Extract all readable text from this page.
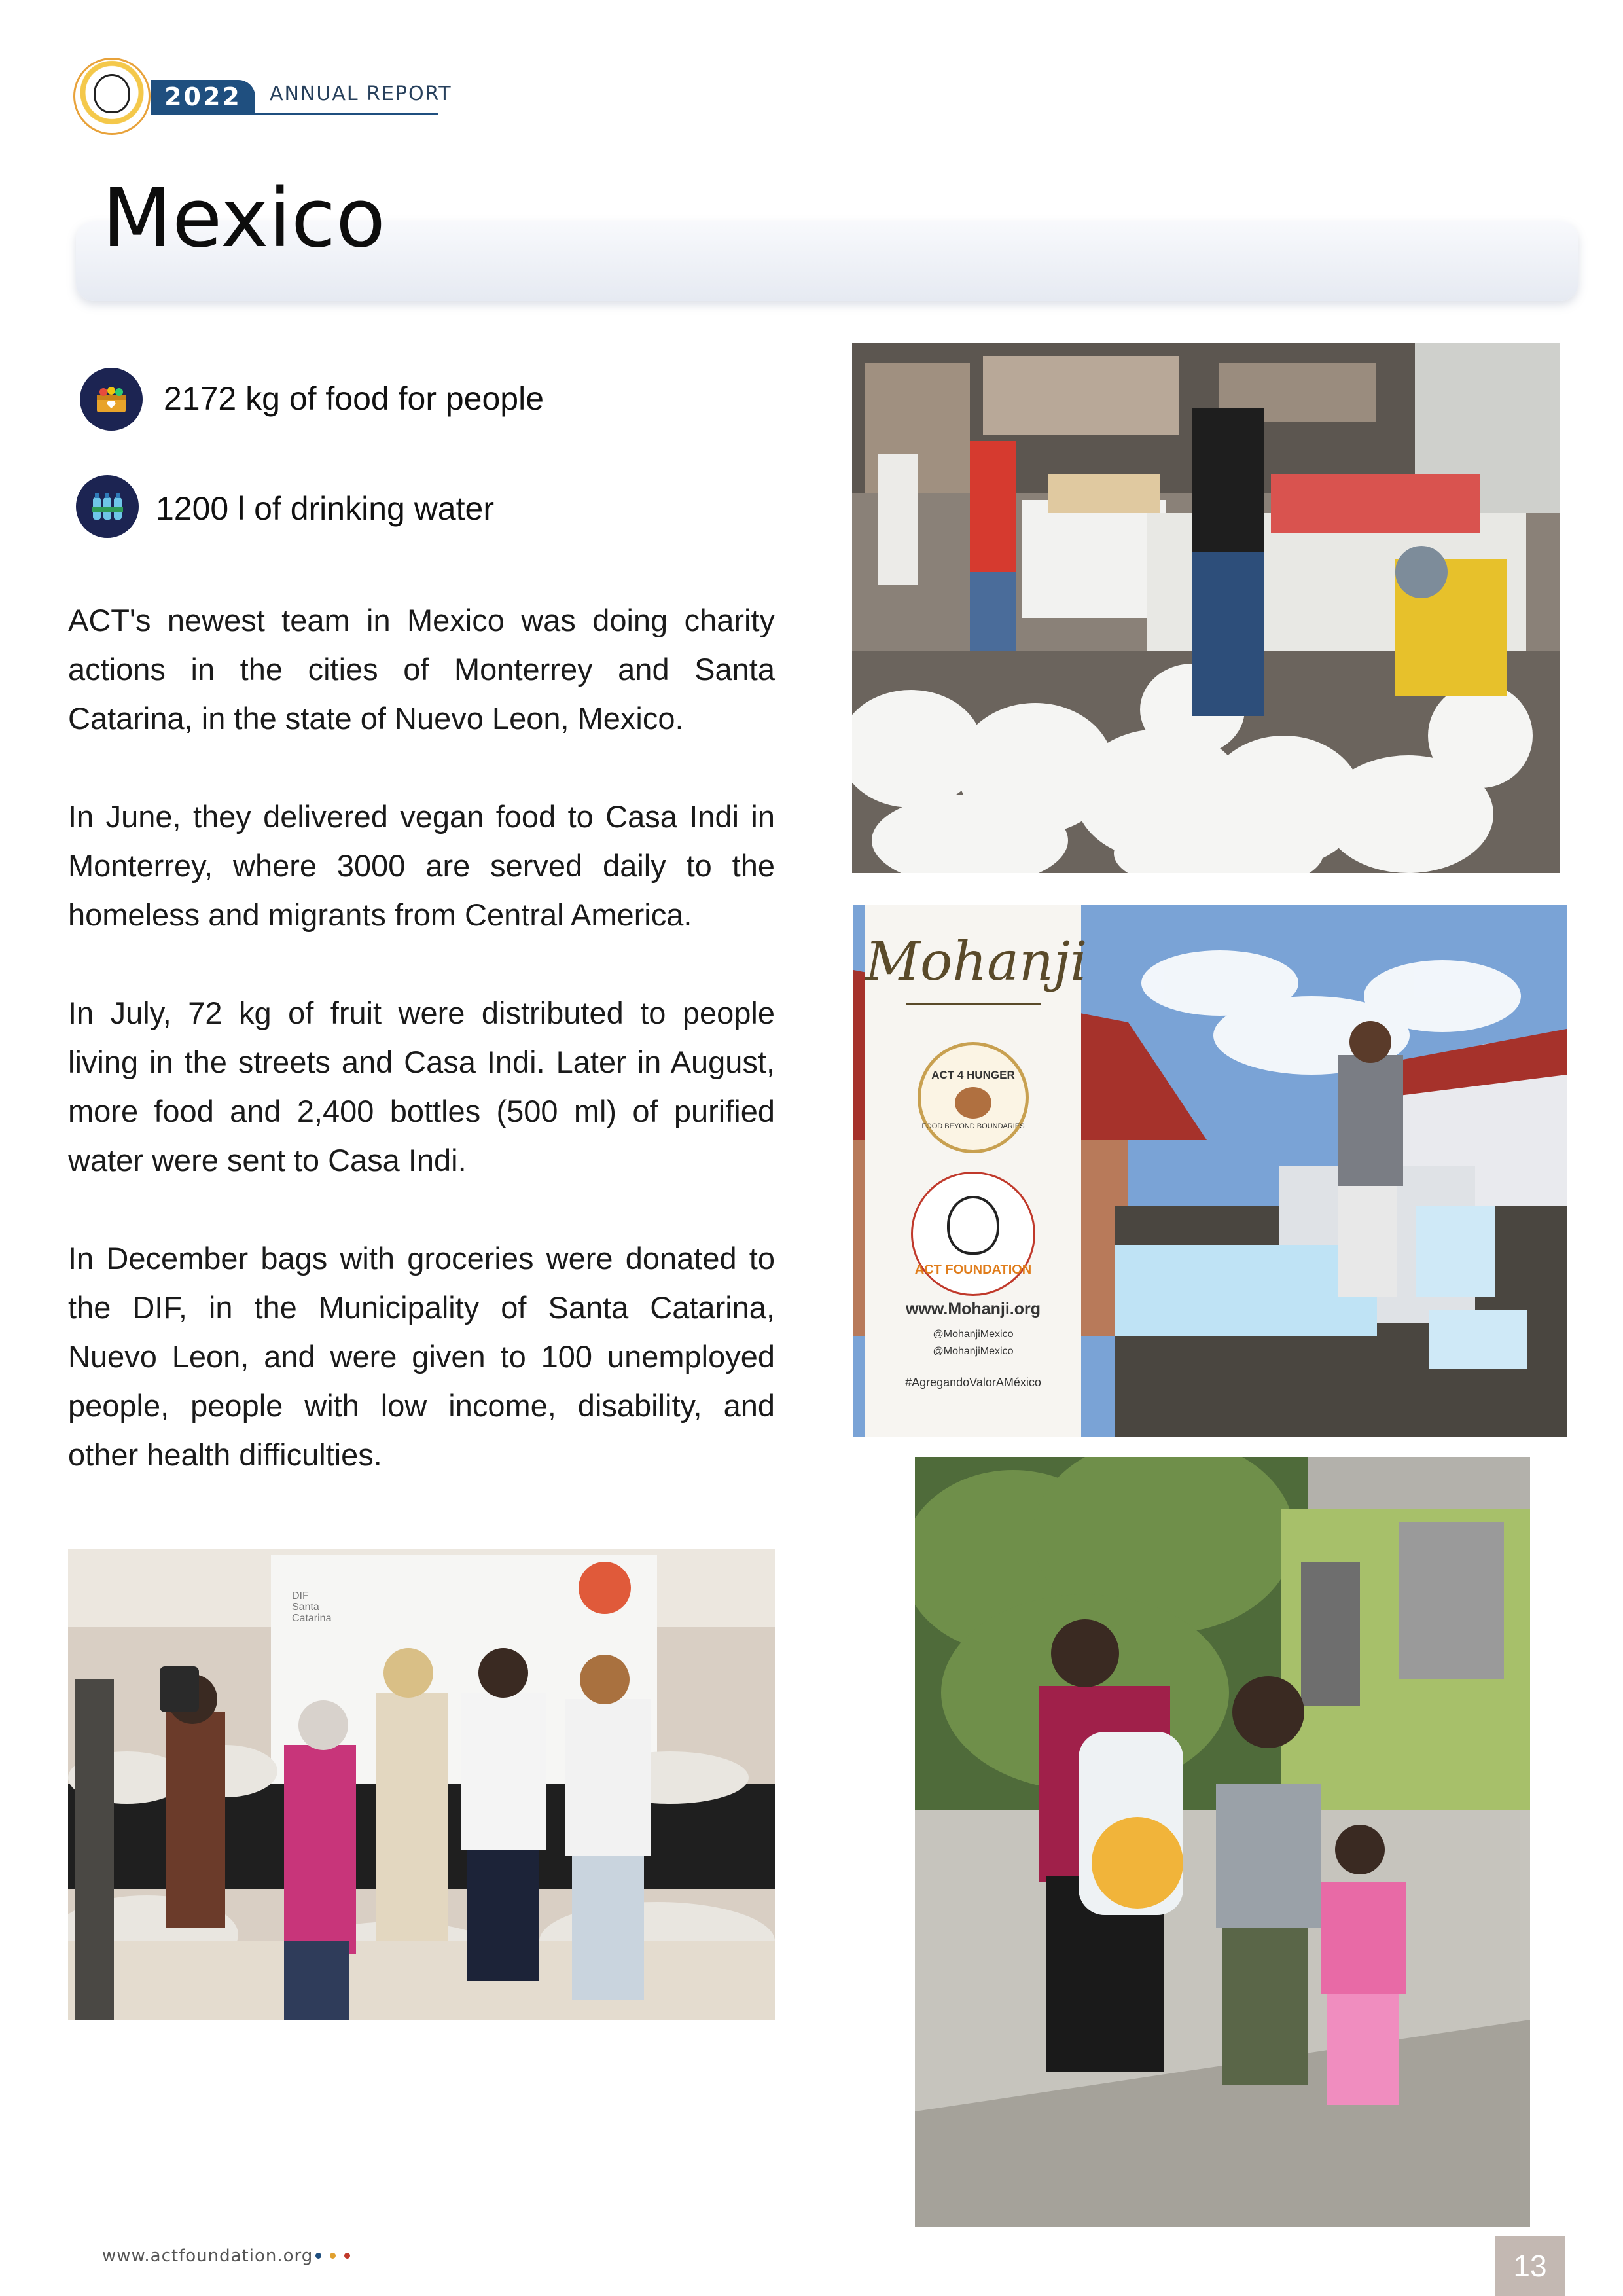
2022	ANNUAL REPORT
Mexico
2172 kg of food for people
1200 l of drinking water

ACT's newest team in Mexico was doing charity actions in the cities of Monterrey and Santa Catarina, in the state of Nuevo Leon, Mexico.

In June, they delivered vegan food to Casa Indi in Monterrey, where 3000 are served daily to the homeless and migrants from Central America.

In July, 72 kg of fruit were distributed to people living in the streets and Casa Indi. Later in August, more food and 2,400 bottles (500 ml) of purified water were sent to Casa Indi.

In December bags with groceries were donated to the DIF, in the Municipality of Santa Catarina, Nuevo Leon, and were given to 100 unemployed people, people with low income, disability, and other health difficulties.

Mohanji
ACT 4 HUNGER
FOOD BEYOND BOUNDARIES
ACT FOUNDATION
www.Mohanji.org
@MohanjiMexico
@MohanjiMexico
#AgregandoValorAMéxico
DIF
Santa
Catarina
www.actfoundation.org	13
